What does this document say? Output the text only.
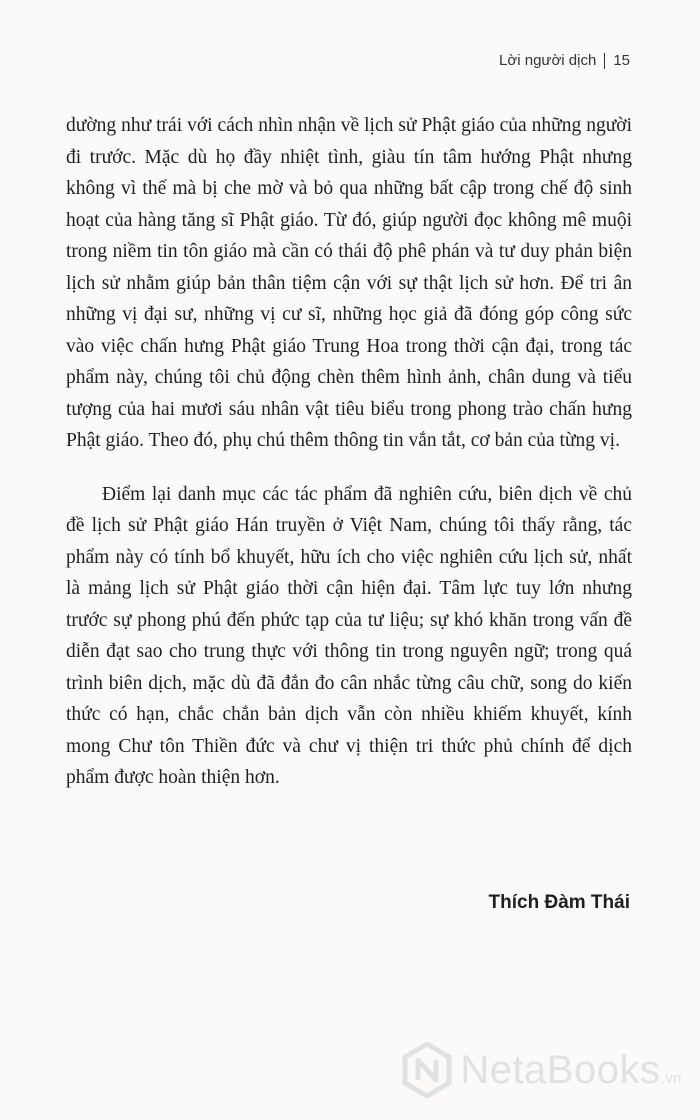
Lời người dịch 15

dường như trái với cách nhìn nhận về lịch sử Phật giáo của những người đi trước. Mặc dù họ đầy nhiệt tình, giàu tín tâm hướng Phật nhưng không vì thế mà bị che mờ và bỏ qua những bất cập trong chế độ sinh hoạt của hàng tăng sĩ Phật giáo. Từ đó, giúp người đọc không mê muội trong niềm tin tôn giáo mà cần có thái độ phê phán và tư duy phản biện lịch sử nhằm giúp bản thân tiệm cận với sự thật lịch sử hơn. Để tri ân những vị đại sư, những vị cư sĩ, những học giả đã đóng góp công sức vào việc chấn hưng Phật giáo Trung Hoa trong thời cận đại, trong tác phẩm này, chúng tôi chủ động chèn thêm hình ảnh, chân dung và tiểu tượng của hai mươi sáu nhân vật tiêu biểu trong phong trào chấn hưng Phật giáo. Theo đó, phụ chú thêm thông tin vắn tắt, cơ bản của từng vị.

Điểm lại danh mục các tác phẩm đã nghiên cứu, biên dịch về chủ đề lịch sử Phật giáo Hán truyền ở Việt Nam, chúng tôi thấy rằng, tác phẩm này có tính bổ khuyết, hữu ích cho việc nghiên cứu lịch sử, nhất là mảng lịch sử Phật giáo thời cận hiện đại. Tâm lực tuy lớn nhưng trước sự phong phú đến phức tạp của tư liệu; sự khó khăn trong vấn đề diễn đạt sao cho trung thực với thông tin trong nguyên ngữ; trong quá trình biên dịch, mặc dù đã đắn đo cân nhắc từng câu chữ, song do kiến thức có hạn, chắc chắn bản dịch vẫn còn nhiều khiếm khuyết, kính mong Chư tôn Thiền đức và chư vị thiện tri thức phủ chính để dịch phẩm được hoàn thiện hơn.

Thích Đàm Thái
NetaBooks.vn
